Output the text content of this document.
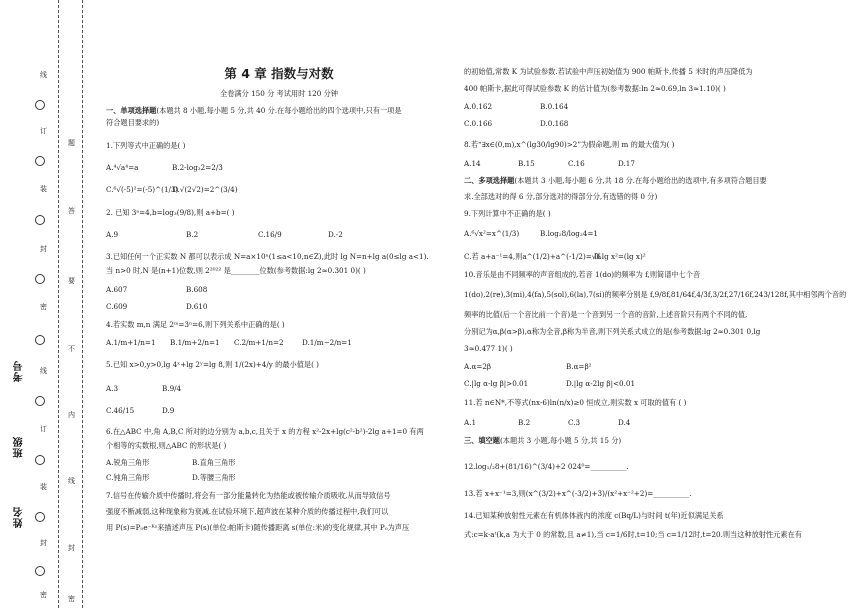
线
订
装
封
密
线
订
装
封
密
题
答
要
不
内
线
封
密
考号
班级
姓名
第 4 章 指数与对数
全卷满分 150 分 考试用时 120 分钟
一、单项选择题(本题共 8 小题,每小题 5 分,共 40 分.在每小题给出的四个选项中,只有一项是
符合题目要求的)
1.下列等式中正确的是( )
A.⁴√a⁴=a	B.2-log₃2=2/3
C.⁶√(-5)²=(-5)^(1/3)
D.√(2√2)=2^(3/4)
2. 已知 3ᵃ=4,b=log₃(9/8),则 a+b=( )
A.9	B.2	C.16/9	D.-2
3.已知任何一个正实数 N 都可以表示成 N=a×10ⁿ(1≤a<10,n∈Z),此时 lg N=n+lg a(0≤lg a<1).
当 n>0 时,N 是(n+1)位数,则 2²⁰²² 是________位数(参考数据:lg 2≈0.301 0)( )
A.607	B.608
C.609	D.610
4.若实数 m,n 满足 2ᵐ=3ⁿ=6,则下列关系中正确的是( )
A.1/m+1/n=1 B.1/m+2/n=1 C.2/m+1/n=2	D.1/m−2/n=1
5.已知 x>0,y>0,lg 4ˣ+lg 2ʸ=lg 8,则 1/(2x)+4/y 的最小值是( )
A.3	B.9/4
C.46/15	D.9
6.在△ABC 中,角 A,B,C 所对的边分别为 a,b,c,且关于 x 的方程 x²-2x+lg(c²-b²)-2lg a+1=0 有两
个相等的实数根,则△ABC 的形状是( )
A.锐角三角形	B.直角三角形
C.钝角三角形	D.等腰三角形
7.信号在传输介质中传播时,将会有一部分能量转化为热能或被传输介质吸收,从而导致信号
强度不断减弱,这种现象称为衰减.在试验环境下,超声波在某种介质的传播过程中,我们可以
用 P(s)=P₀e⁻ᴷˢ来描述声压 P(s)(单位:帕斯卡)随传播距离 s(单位:米)的变化规律,其中 P₀为声压
的初始值,常数 K 为试验参数.若试验中声压初始值为 900 帕斯卡,传播 5 米时的声压降低为
400 帕斯卡,据此可得试验参数 K 的估计值为(参考数据:ln 2≈0.69,ln 3≈1.10)( )
A.0.162	B.0.164
C.0.166	D.0.168
8.若“∃x∈(0,m),x^(lg30/lg90)>2”为假命题,则 m 的最大值为( )
A.14	B.15	C.16	D.17
二、多项选择题(本题共 3 小题,每小题 6 分,共 18 分.在每小题给出的选项中,有多项符合题目要
求.全部选对的得 6 分,部分选对的得部分分,有选错的得 0 分)
9.下列计算中不正确的是( )
A.⁶√x²=x^(1/3)	B.log₂8/log₂4=1
C.若 a+a⁻¹=4,则a^(1/2)+a^(-1/2)=√6
D.lg x²=(lg x)²
10.音乐是由不同频率的声音组成的,若音 1(do)的频率为 f,则简谱中七个音
1(do),2(re),3(mi),4(fa),5(sol),6(la),7(si)的频率分别是 f,9/8f,81/64f,4/3f,3/2f,27/16f,243/128f,其中相邻两个音的
频率的比值(后一个音比前一个音)是一个音到另一个音的音阶,上述音阶只有两个不同的值,
分别记为α,β(α>β),α称为全音,β称为半音,则下列关系式成立的是(参考数据:lg 2≈0.301 0,lg
3≈0.477 1)( )
A.α=2β	B.α=β²
C.|lg α-lg β|>0.01	D.|lg α-2lg β|<0.01
11.若 n∈N*,不等式(nx-6)ln(n/x)≥0 恒成立,则实数 x 可取的值有 ( )
A.1	B.2	C.3	D.4
三、填空题(本题共 3 小题,每小题 5 分,共 15 分)
12.log₁/₂8+(81/16)^(3/4)+2 024⁰=__________.
13.若 x+x⁻¹=3,则(x^(3/2)+x^(-3/2)+3)/(x²+x⁻²+2)=__________.
14.已知某种放射性元素在有机体体液内的浓度 c(Bq/L)与时间 t(年)近似满足关系
式:c=k·aᵗ(k,a 为大于 0 的常数,且 a≠1),当 c=1/6时,t=10;当 c=1/12时,t=20.则当这种放射性元素在有
